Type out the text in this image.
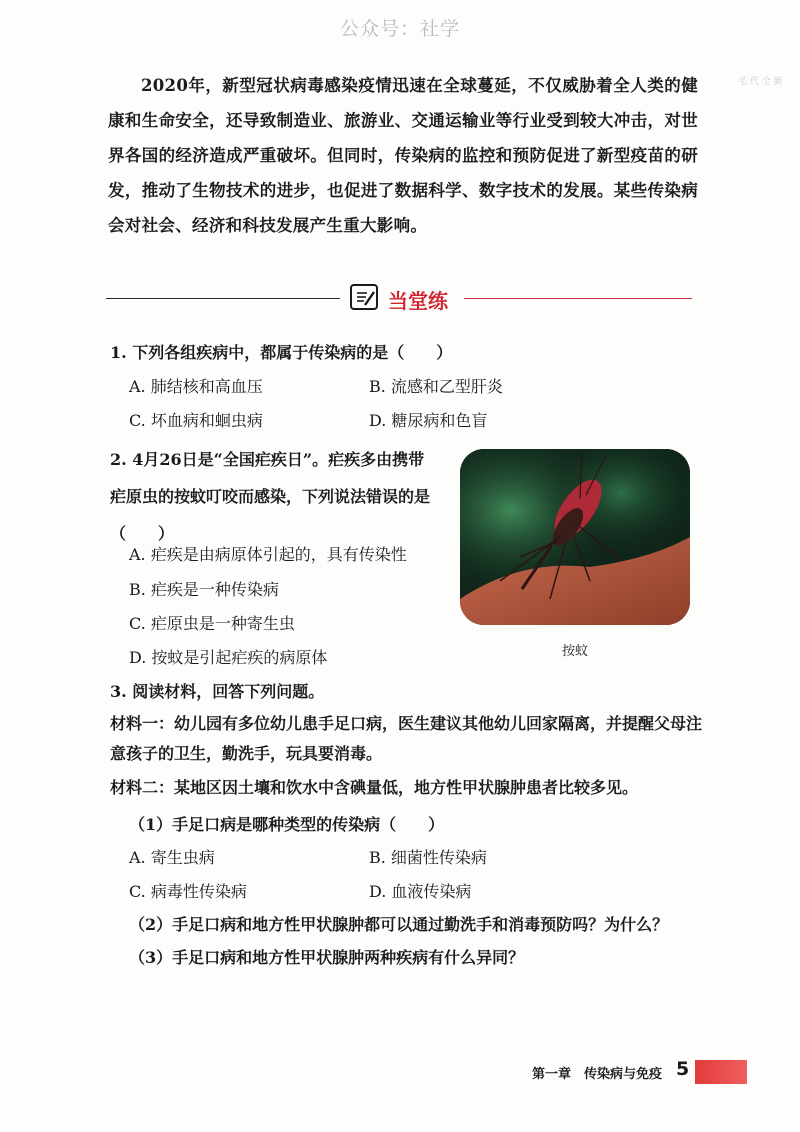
公众号：社学
毛 代 全 新

2020年，新型冠状病毒感染疫情迅速在全球蔓延，不仅威胁着全人类的健康和生命安全，还导致制造业、旅游业、交通运输业等行业受到较大冲击，对世界各国的经济造成严重破坏。但同时，传染病的监控和预防促进了新型疫苗的研发，推动了生物技术的进步，也促进了数据科学、数字技术的发展。某些传染病会对社会、经济和科技发展产生重大影响。

当堂练
1. 下列各组疾病中，都属于传染病的是（　　）
A. 肺结核和高血压	B. 流感和乙型肝炎
C. 坏血病和蛔虫病	D. 糖尿病和色盲
2. 4月26日是“全国疟疾日”。疟疾多由携带疟原虫的按蚊叮咬而感染，下列说法错误的是（　　）
A. 疟疾是由病原体引起的，具有传染性
B. 疟疾是一种传染病
C. 疟原虫是一种寄生虫
D. 按蚊是引起疟疾的病原体	按蚊
3. 阅读材料，回答下列问题。
材料一：幼儿园有多位幼儿患手足口病，医生建议其他幼儿回家隔离，并提醒父母注意孩子的卫生，勤洗手，玩具要消毒。
材料二：某地区因土壤和饮水中含碘量低，地方性甲状腺肿患者比较多见。
（1）手足口病是哪种类型的传染病（　　）
A. 寄生虫病	B. 细菌性传染病
C. 病毒性传染病	D. 血液传染病
（2）手足口病和地方性甲状腺肿都可以通过勤洗手和消毒预防吗？为什么？
（3）手足口病和地方性甲状腺肿两种疾病有什么异同？
第一章　传染病与免疫 5
